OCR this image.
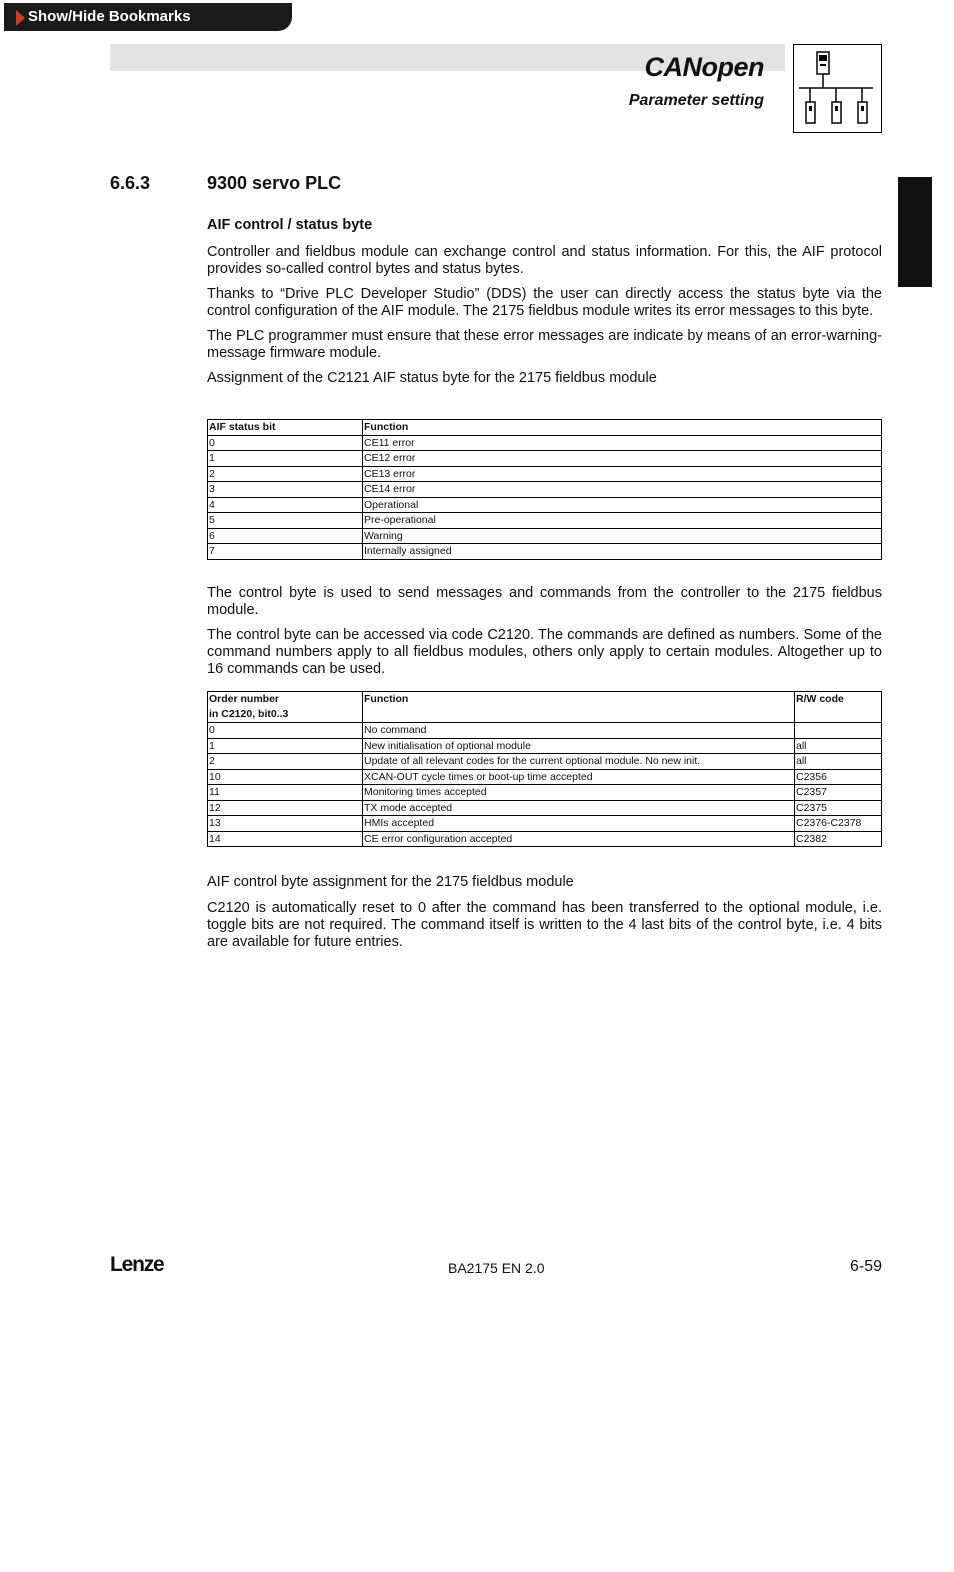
Show/Hide Bookmarks
CANopen
Parameter setting
6.6.3	9300 servo PLC

AIF control / status byte

Controller and fieldbus module can exchange control and status information. For this, the AIF protocol provides so-called control bytes and status bytes.

Thanks to “Drive PLC Developer Studio” (DDS) the user can directly access the status byte via the control configuration of the AIF module. The 2175 fieldbus module writes its error messages to this byte.

The PLC programmer must ensure that these error messages are indicate by means of an error-warning-message firmware module.

Assignment of the C2121 AIF status byte for the 2175 fieldbus module

AIF status bit	Function
0	CE11 error
1	CE12 error
2	CE13 error
3	CE14 error
4	Operational
5	Pre-operational
6	Warning
7	Internally assigned

The control byte is used to send messages and commands from the controller to the 2175 fieldbus module.

The control byte can be accessed via code C2120. The commands are defined as numbers. Some of the command numbers apply to all fieldbus modules, others only apply to certain modules. Altogether up to 16 commands can be used.

Order number
in C2120, bit0..3	Function	R/W code
0	No command	
1	New initialisation of optional module	all
2	Update of all relevant codes for the current optional module. No new init.	all
10	XCAN-OUT cycle times or boot-up time accepted	C2356
11	Monitoring times accepted	C2357
12	TX mode accepted	C2375
13	HMIs accepted	C2376-C2378
14	CE error configuration accepted	C2382

AIF control byte assignment for the 2175 fieldbus module

C2120 is automatically reset to 0 after the command has been transferred to the optional module, i.e. toggle bits are not required. The command itself is written to the 4 last bits of the control byte, i.e. 4 bits are available for future entries.

Lenze	BA2175 EN 2.0	6-59
